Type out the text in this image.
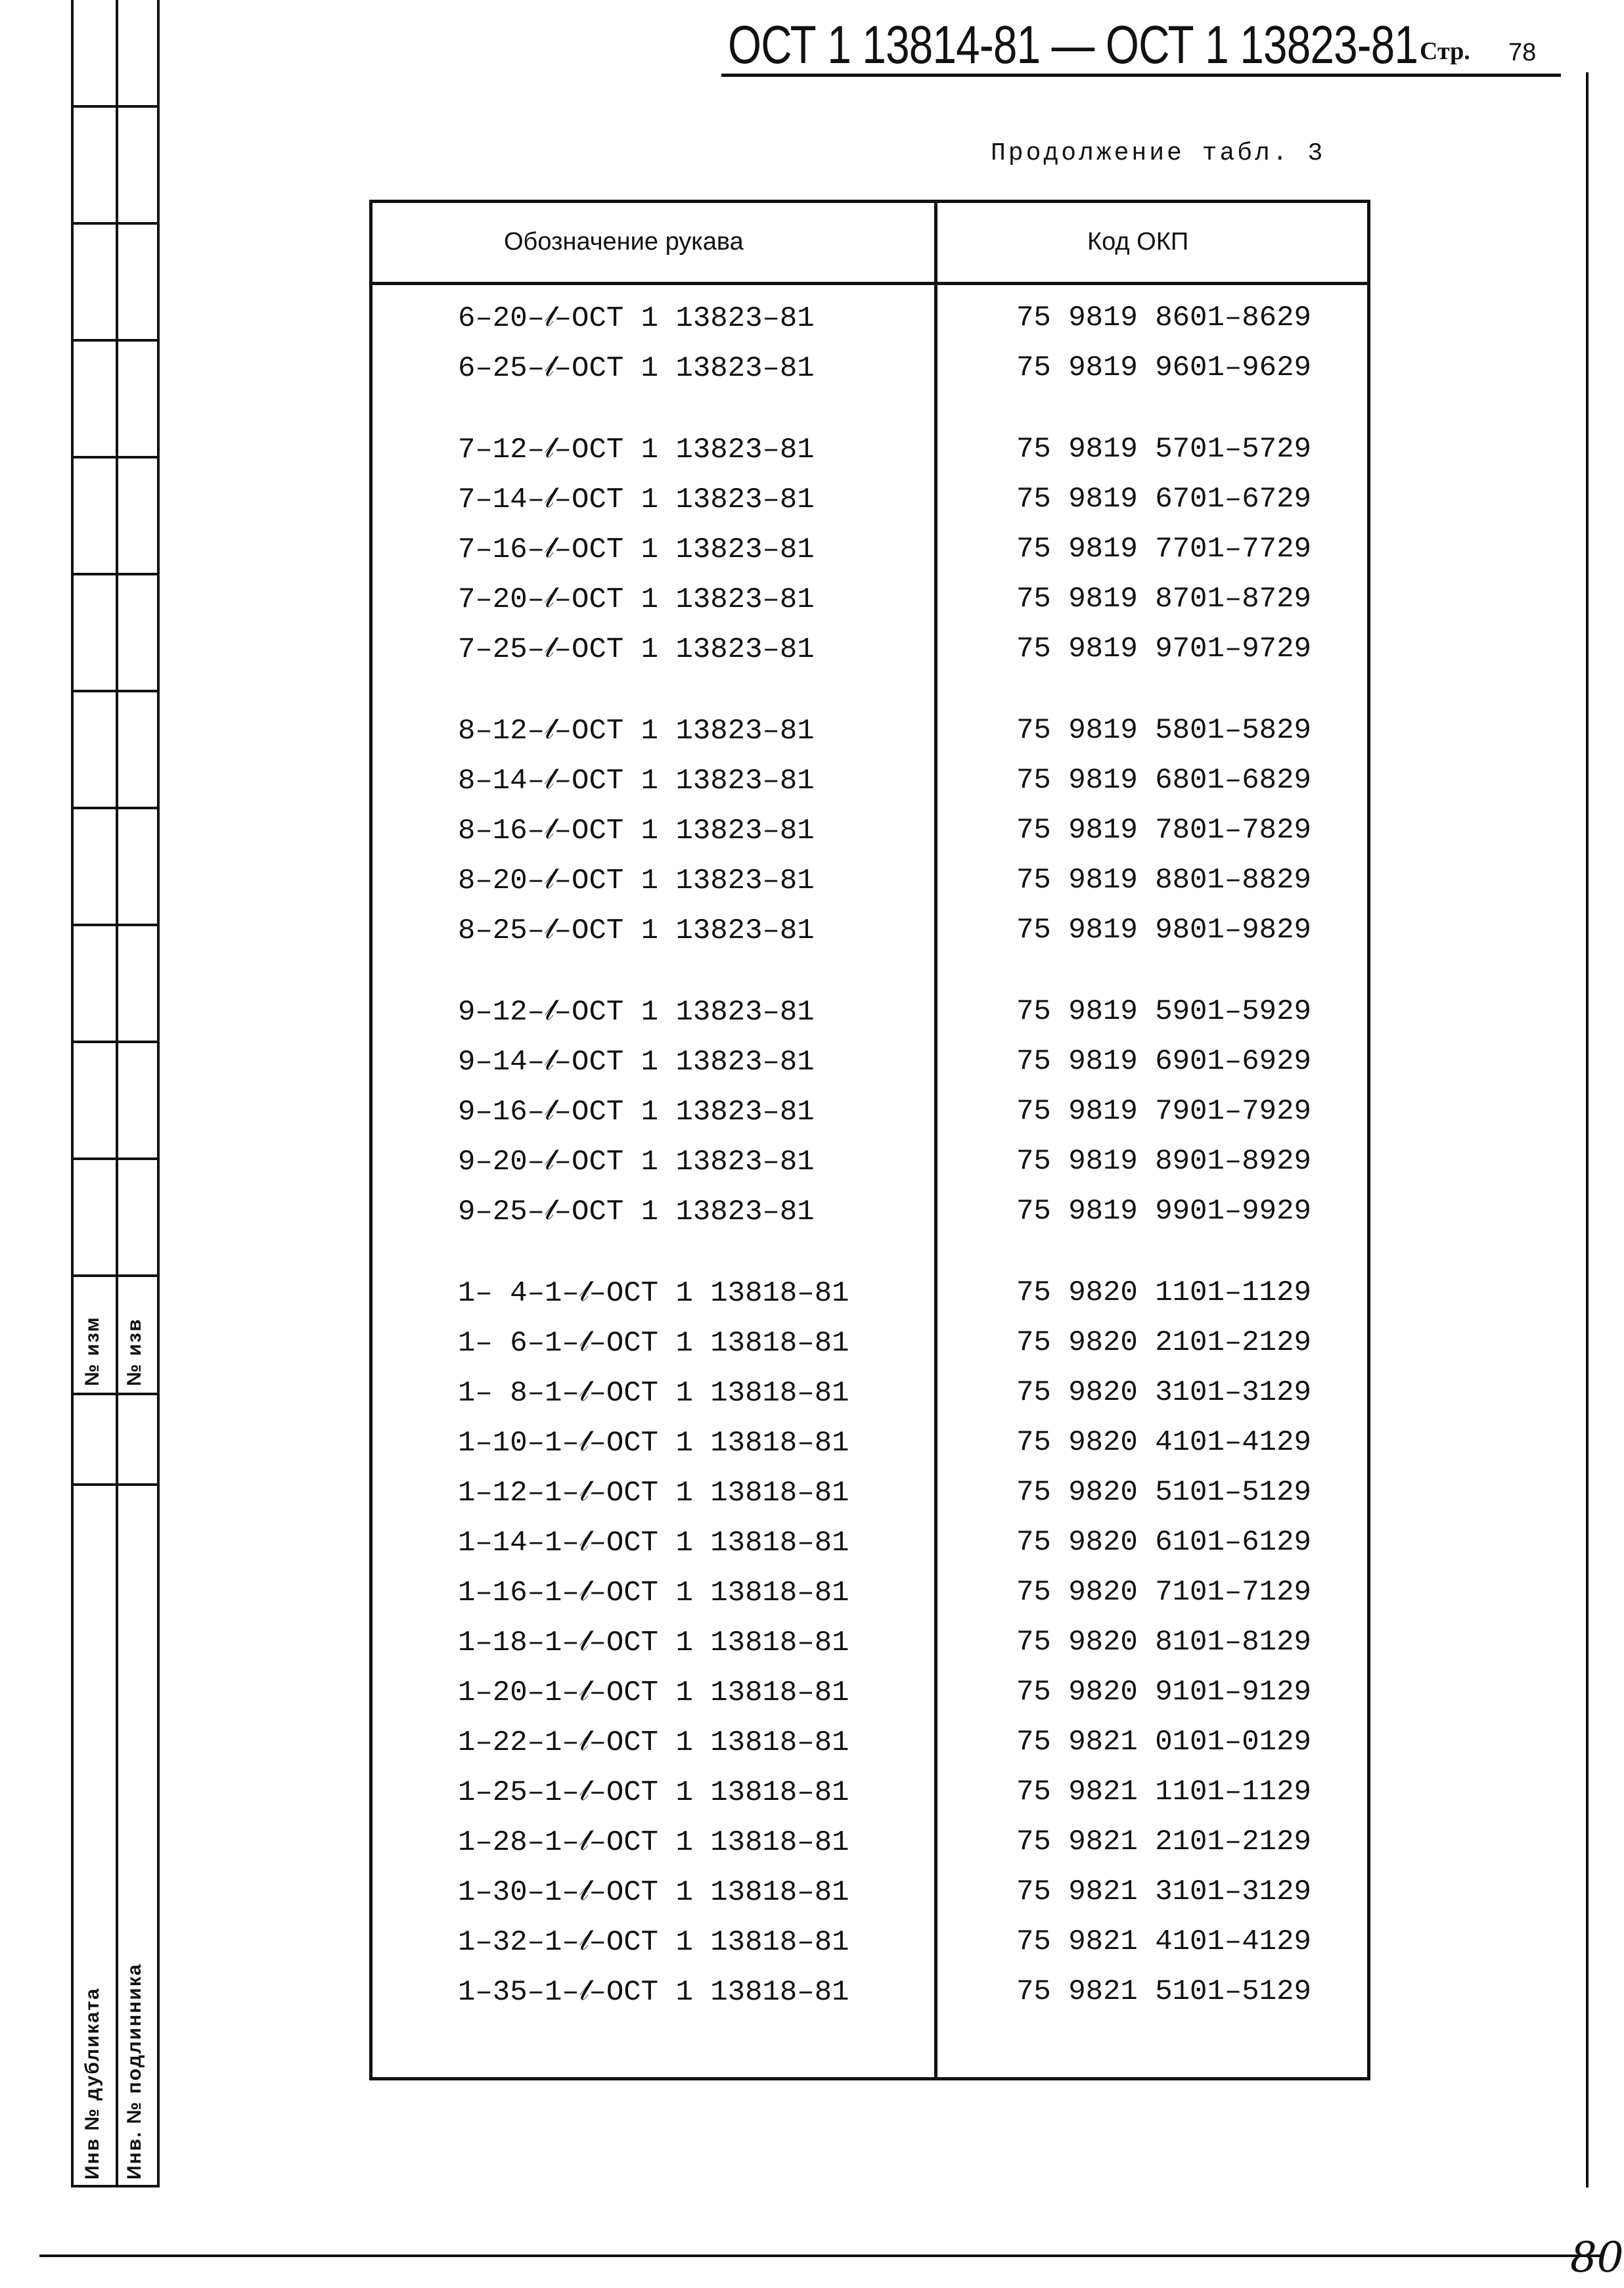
№ изм № изв
Инв № дубликата Инв. № подлинника
ОСТ 1 13814-81 — ОСТ 1 13823-81 Стр. 78
80
Продолжение табл. 3
Обозначение рукава	Код ОКП
6–20–𝓁–ОСТ 1 13823–81	75 9819 8601–8629
6–25–𝓁–ОСТ 1 13823–81	75 9819 9601–9629
7–12–𝓁–ОСТ 1 13823–81	75 9819 5701–5729
7–14–𝓁–ОСТ 1 13823–81	75 9819 6701–6729
7–16–𝓁–ОСТ 1 13823–81	75 9819 7701–7729
7–20–𝓁–ОСТ 1 13823–81	75 9819 8701–8729
7–25–𝓁–ОСТ 1 13823–81	75 9819 9701–9729
8–12–𝓁–ОСТ 1 13823–81	75 9819 5801–5829
8–14–𝓁–ОСТ 1 13823–81	75 9819 6801–6829
8–16–𝓁–ОСТ 1 13823–81	75 9819 7801–7829
8–20–𝓁–ОСТ 1 13823–81	75 9819 8801–8829
8–25–𝓁–ОСТ 1 13823–81	75 9819 9801–9829
9–12–𝓁–ОСТ 1 13823–81	75 9819 5901–5929
9–14–𝓁–ОСТ 1 13823–81	75 9819 6901–6929
9–16–𝓁–ОСТ 1 13823–81	75 9819 7901–7929
9–20–𝓁–ОСТ 1 13823–81	75 9819 8901–8929
9–25–𝓁–ОСТ 1 13823–81	75 9819 9901–9929
1– 4–1–𝓁–ОСТ 1 13818–81	75 9820 1101–1129
1– 6–1–𝓁–ОСТ 1 13818–81	75 9820 2101–2129
1– 8–1–𝓁–ОСТ 1 13818–81	75 9820 3101–3129
1–10–1–𝓁–ОСТ 1 13818–81	75 9820 4101–4129
1–12–1–𝓁–ОСТ 1 13818–81	75 9820 5101–5129
1–14–1–𝓁–ОСТ 1 13818–81	75 9820 6101–6129
1–16–1–𝓁–ОСТ 1 13818–81	75 9820 7101–7129
1–18–1–𝓁–ОСТ 1 13818–81	75 9820 8101–8129
1–20–1–𝓁–ОСТ 1 13818–81	75 9820 9101–9129
1–22–1–𝓁–ОСТ 1 13818–81	75 9821 0101–0129
1–25–1–𝓁–ОСТ 1 13818–81	75 9821 1101–1129
1–28–1–𝓁–ОСТ 1 13818–81	75 9821 2101–2129
1–30–1–𝓁–ОСТ 1 13818–81	75 9821 3101–3129
1–32–1–𝓁–ОСТ 1 13818–81	75 9821 4101–4129
1–35–1–𝓁–ОСТ 1 13818–81	75 9821 5101–5129
